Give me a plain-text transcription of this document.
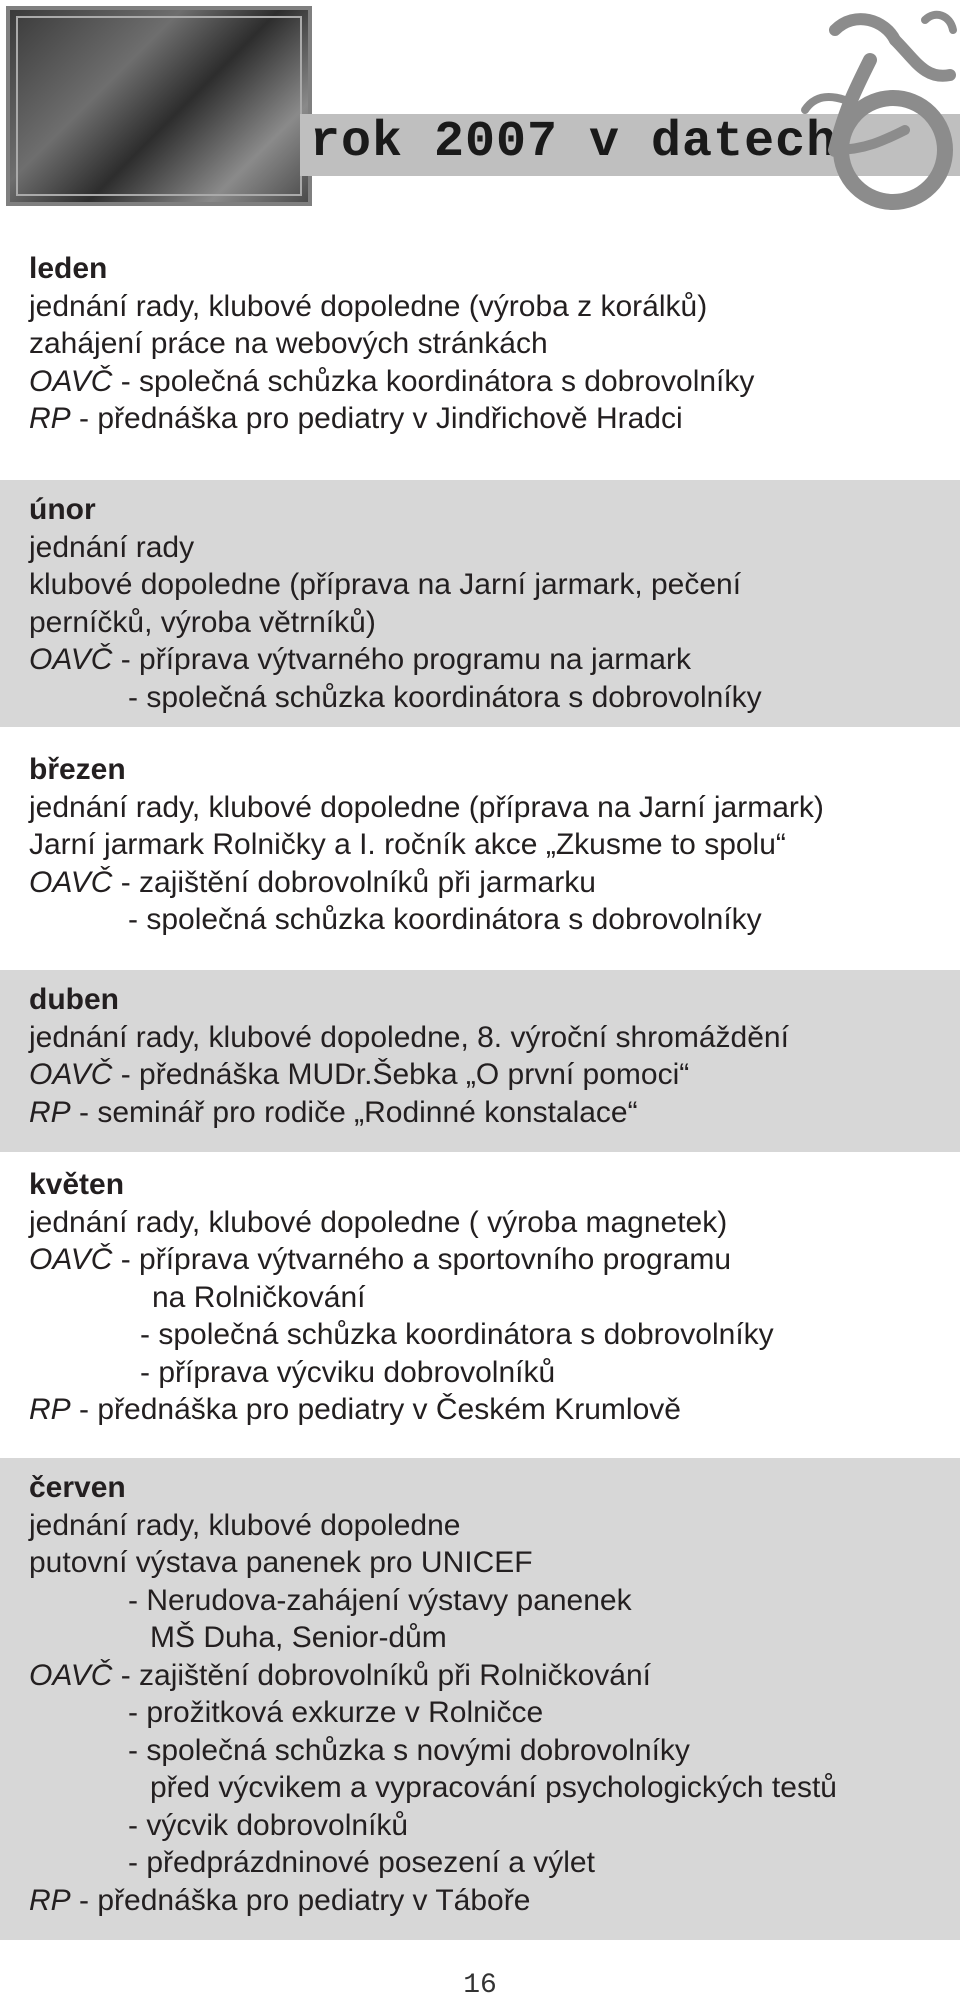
rok 2007 v datech
leden
jednání rady, klubové dopoledne (výroba z korálků)
zahájení práce na webových stránkách
OAVČ - společná schůzka koordinátora s dobrovolníky
RP - přednáška pro pediatry v Jindřichově Hradci
únor
jednání rady
klubové dopoledne (příprava na Jarní jarmark, pečení
perníčků, výroba větrníků)
OAVČ - příprava výtvarného programu na jarmark
- společná schůzka koordinátora s dobrovolníky
březen
jednání rady, klubové dopoledne (příprava na Jarní jarmark)
Jarní jarmark Rolničky a I. ročník akce „Zkusme to spolu“
OAVČ - zajištění dobrovolníků při jarmarku
- společná schůzka koordinátora s dobrovolníky
duben
jednání rady, klubové dopoledne, 8. výroční shromáždění
OAVČ - přednáška MUDr.Šebka „O první pomoci“
RP - seminář pro rodiče „Rodinné konstalace“
květen
jednání rady, klubové dopoledne ( výroba magnetek)
OAVČ - příprava výtvarného a sportovního programu
na Rolničkování
- společná schůzka koordinátora s dobrovolníky
- příprava výcviku dobrovolníků
RP - přednáška pro pediatry v Českém Krumlově
červen
jednání rady, klubové dopoledne
putovní výstava panenek pro UNICEF
- Nerudova-zahájení výstavy panenek
MŠ Duha, Senior-dům
OAVČ - zajištění dobrovolníků při Rolničkování
- prožitková exkurze v Rolničce
- společná schůzka s novými dobrovolníky
před výcvikem a vypracování psychologických testů
- výcvik dobrovolníků
- předprázdninové posezení a výlet
RP - přednáška pro pediatry v Táboře
16
